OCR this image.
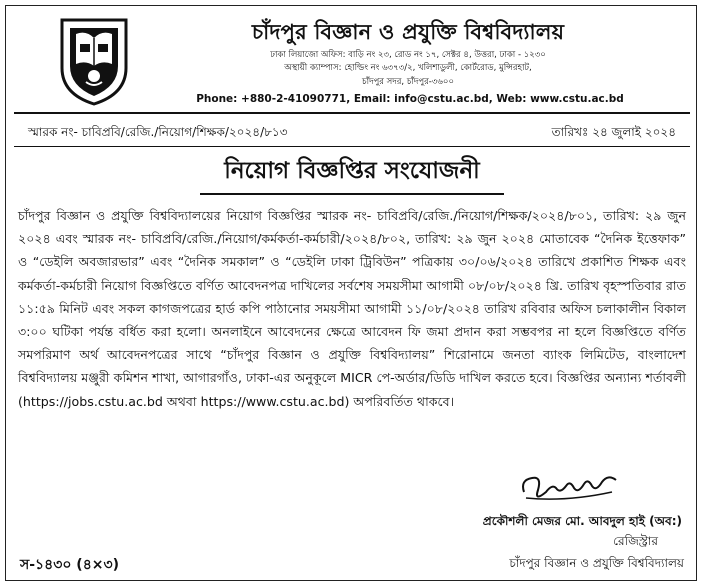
চাঁদপুর বিজ্ঞান ও প্রযুক্তি বিশ্ববিদ্যালয়
ঢাকা লিয়াজো অফিস: বাড়ি নং ২৩, রোড নং ১৭, সেক্টর ৪, উত্তরা, ঢাকা - ১২৩০
অস্থায়ী ক্যাম্পাস: হোল্ডিং নং ৬৩৭৩/২, খলিশাডুলী, কোর্টরোড, মুন্সিরহাট,
চাঁদপুর সদর, চাঁদপুর-৩৬০০
Phone: +880-2-41090771, Email: info@cstu.ac.bd, Web: www.cstu.ac.bd
স্মারক নং- চাবিপ্রবি/রেজি./নিয়োগ/শিক্ষক/২০২৪/৮১৩	তারিখঃ ২৪ জুলাই ২০২৪
নিয়োগ বিজ্ঞপ্তির সংযোজনী
চাঁদপুর বিজ্ঞান ও প্রযুক্তি বিশ্ববিদ্যালয়ের নিয়োগ বিজ্ঞপ্তির স্মারক নং- চাবিপ্রবি/রেজি./নিয়োগ/শিক্ষক/২০২৪/৮০১, তারিখ: ২৯ জুন ২০২৪ এবং স্মারক নং- চাবিপ্রবি/রেজি./নিয়োগ/কর্মকর্তা-কর্মচারী/২০২৪/৮০২, তারিখ: ২৯ জুন ২০২৪ মোতাবেক “দৈনিক ইত্তেফাক” ও “ডেইলি অবজারভার” এবং “দৈনিক সমকাল” ও “ডেইলি ঢাকা ট্রিবিউন” পত্রিকায় ৩০/০৬/২০২৪ তারিখে প্রকাশিত শিক্ষক এবং কর্মকর্তা-কর্মচারী নিয়োগ বিজ্ঞপ্তিতে বর্ণিত আবেদনপত্র দাখিলের সর্বশেষ সময়সীমা আগামী ০৮/০৮/২০২৪ খ্রি. তারিখ বৃহস্পতিবার রাত ১১:৫৯ মিনিট এবং সকল কাগজপত্রের হার্ড কপি পাঠানোর সময়সীমা আগামী ১১/০৮/২০২৪ তারিখ রবিবার অফিস চলাকালীন বিকাল ৩:০০ ঘটিকা পর্যন্ত বর্ধিত করা হলো। অনলাইনে আবেদনের ক্ষেত্রে আবেদন ফি জমা প্রদান করা সম্ভবপর না হলে বিজ্ঞপ্তিতে বর্ণিত সমপরিমাণ অর্থ আবেদনপত্রের সাথে “চাঁদপুর বিজ্ঞান ও প্রযুক্তি বিশ্ববিদ্যালয়” শিরোনামে জনতা ব্যাংক লিমিটেড, বাংলাদেশ বিশ্ববিদ্যালয় মঞ্জুরী কমিশন শাখা, আগারগাঁও, ঢাকা-এর অনুকূলে MICR পে-অর্ডার/ডিডি দাখিল করতে হবে। বিজ্ঞপ্তির অন্যান্য শর্তাবলী (https://jobs.cstu.ac.bd অথবা https://www.cstu.ac.bd) অপরিবর্তিত থাকবে।
প্রকৌশলী মেজর মো. আবদুল হাই (অব:)
রেজিস্ট্রার
চাঁদপুর বিজ্ঞান ও প্রযুক্তি বিশ্ববিদ্যালয়
স-১৪৩০ (৪×৩)
